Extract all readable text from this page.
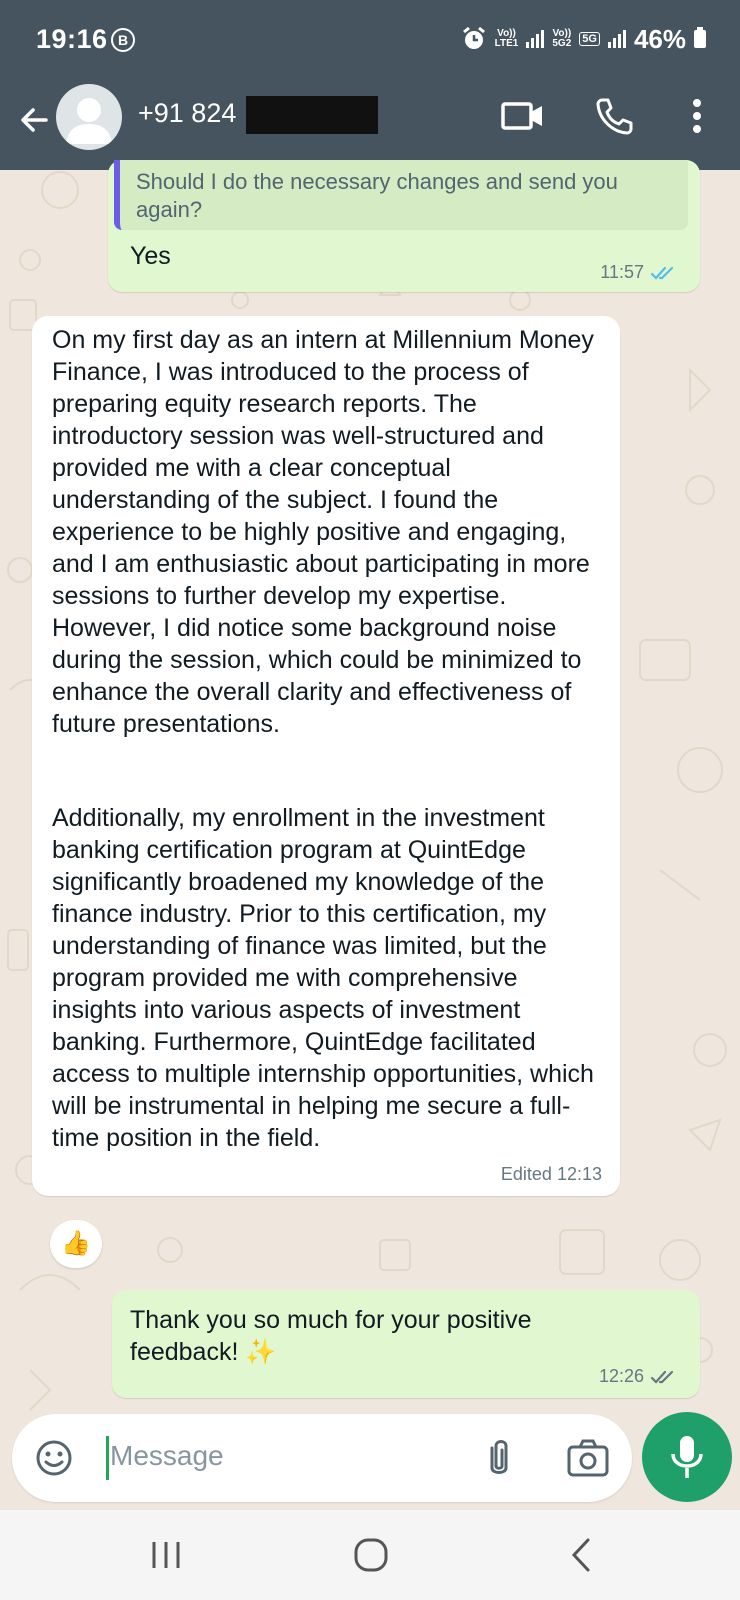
19:16 B	Vo))
LTE1
Vo))
5G2 5G 46%
+91 824
Should I do the necessary changes and send you again?
Yes
11:57
On my first day as an intern at Millennium Money Finance, I was introduced to the process of preparing equity research reports. The introductory session was well-structured and provided me with a clear conceptual understanding of the subject. I found the experience to be highly positive and engaging, and I am enthusiastic about participating in more sessions to further develop my expertise. However, I did notice some background noise during the session, which could be minimized to enhance the overall clarity and effectiveness of future presentations.
Additionally, my enrollment in the investment banking certification program at QuintEdge significantly broadened my knowledge of the finance industry. Prior to this certification, my understanding of finance was limited, but the program provided me with comprehensive insights into various aspects of investment banking. Furthermore, QuintEdge facilitated access to multiple internship opportunities, which will be instrumental in helping me secure a full-time position in the field.
Edited 12:13
👍
Thank you so much for your positive feedback! ✨
12:26
Message
